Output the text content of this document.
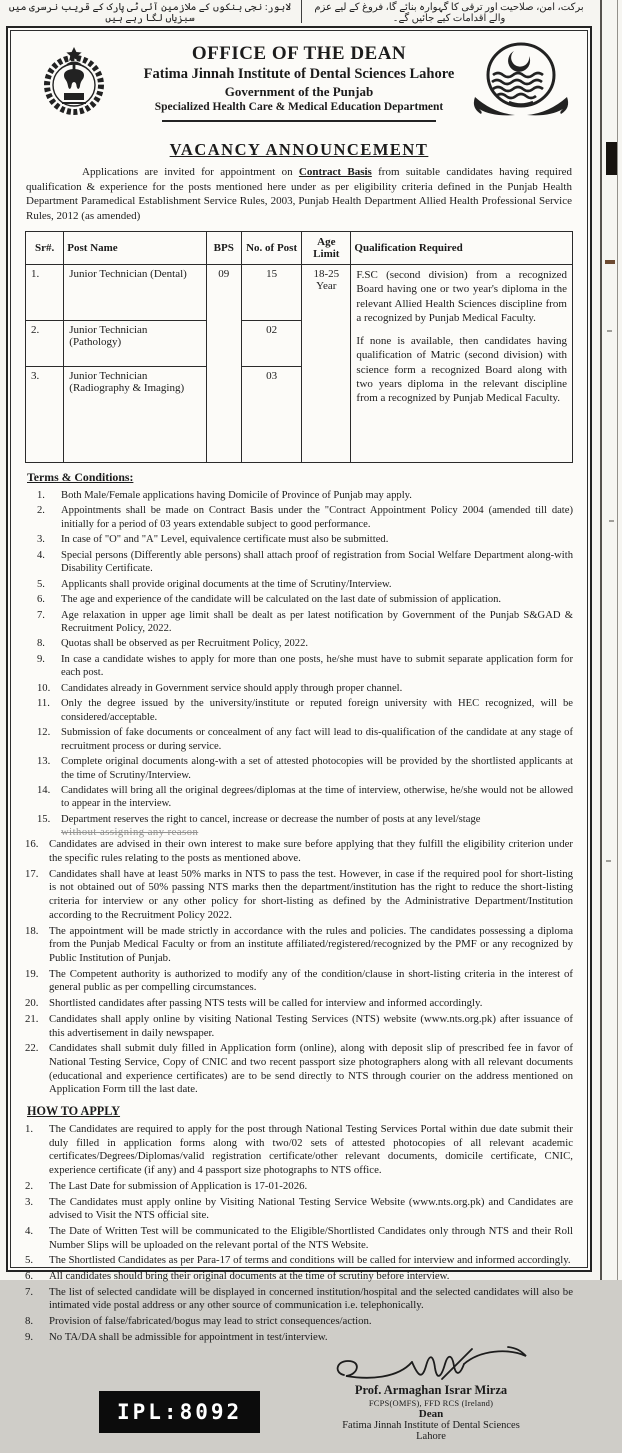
لاہور: نجی بنکوں کے ملازمین آئی ٹی پارک کے قریب نرسری میں سبزیاں لگا رہے ہیں
برکت، امن، صلاحیت اور ترقی کا گہوارہ بنائے گا، فروغ کے لیے عزم والے اقدامات کیے جائیں گے۔
OFFICE OF THE DEAN
Fatima Jinnah Institute of Dental Sciences Lahore
Government of the Punjab
Specialized Health Care & Medical Education Department
VACANCY ANNOUNCEMENT

Applications are invited for appointment on Contract Basis from suitable candidates having required qualification & experience for the posts mentioned here under as per eligibility criteria defined in the Punjab Health Department Paramedical Establishment Service Rules, 2003, Punjab Health Department Allied Health Professional Service Rules, 2012 (as amended)

Sr#.	Post Name	BPS	No. of Post	Age Limit	Qualification Required
1.	Junior Technician (Dental)	09	15	18-25 Year	F.SC (second division) from a recognized Board having one or two year's diploma in the relevant Allied Health Sciences discipline from a recognized by Punjab Medical Faculty.
If none is available, then candidates having qualification of Matric (second division) with science form a recognized Board along with two years diploma in the relevant discipline from a recognized by Punjab Medical Faculty.

2.	Junior Technician (Pathology)		02		
3.	Junior Technician (Radiography & Imaging)		03		
Terms & Conditions:
1.	Both Male/Female applications having Domicile of Province of Punjab may apply.
2.	Appointments shall be made on Contract Basis under the "Contract Appointment Policy 2004 (amended till date) initially for a period of 03 years extendable subject to good performance.
3.	In case of "O" and "A" Level, equivalence certificate must also be submitted.
4.	Special persons (Differently able persons) shall attach proof of registration from Social Welfare Department along-with Disability Certificate.
5.	Applicants shall provide original documents at the time of Scrutiny/Interview.
6.	The age and experience of the candidate will be calculated on the last date of submission of application.
7.	Age relaxation in upper age limit shall be dealt as per latest notification by Government of the Punjab S&GAD & Recruitment Policy, 2022.
8.	Quotas shall be observed as per Recruitment Policy, 2022.
9.	In case a candidate wishes to apply for more than one posts, he/she must have to submit separate application form for each post.
10.	Candidates already in Government service should apply through proper channel.
11.	Only the degree issued by the university/institute or reputed foreign university with HEC recognized, will be considered/acceptable.
12.	Submission of fake documents or concealment of any fact will lead to dis-qualification of the candidate at any stage of recruitment process or during service.
13.	Complete original documents along-with a set of attested photocopies will be provided by the shortlisted applicants at the time of Scrutiny/Interview.
14.	Candidates will bring all the original degrees/diplomas at the time of interview, otherwise, he/she would not be allowed to appear in the interview.
15.	Department reserves the right to cancel, increase or decrease the number of posts at any level/stage
without assigning any reason
16. Candidates are advised in their own interest to make sure before applying that they fulfill the eligibility criterion under the specific rules relating to the posts as mentioned above.
17. Candidates shall have at least 50% marks in NTS to pass the test. However, in case if the required pool for short-listing is not obtained out of 50% passing NTS marks then the department/institution has the right to reduce the short-listing criteria for interview or any other policy for short-listing as defined by the Administrative Department/Institution according to the Recruitment Policy 2022.
18. The appointment will be made strictly in accordance with the rules and policies. The candidates possessing a diploma from the Punjab Medical Faculty or from an institute affiliated/registered/recognized by the PMF or any recognized by Public Institution of Punjab.
19. The Competent authority is authorized to modify any of the condition/clause in short-listing criteria in the interest of general public as per compelling circumstances.
20. Shortlisted candidates after passing NTS tests will be called for interview and informed accordingly.
21. Candidates shall apply online by visiting National Testing Services (NTS) website (www.nts.org.pk) after issuance of this advertisement in daily newspaper.
22. Candidates shall submit duly filled in Application form (online), along with deposit slip of prescribed fee in favor of National Testing Service, Copy of CNIC and two recent passport size photographers along with all relevant documents (educational and experience certificates) are to be send directly to NTS through courier on the address mentioned on Application Form till the last date.
HOW TO APPLY
1.	The Candidates are required to apply for the post through National Testing Services Portal within due date submit their duly filled in application forms along with two/02 sets of attested photocopies of all relevant academic certificates/Degrees/Diplomas/valid registration certificate/other relevant documents, domicile certificate, CNIC, experience certificate (if any) and 4 passport size photographs to NTS office.
2.	The Last Date for submission of Application is 17-01-2026.
3.	The Candidates must apply online by Visiting National Testing Service Website (www.nts.org.pk) and Candidates are advised to Visit the NTS official site.
4.	The Date of Written Test will be communicated to the Eligible/Shortlisted Candidates only through NTS and their Roll Number Slips will be uploaded on the relevant portal of the NTS Website.
5.	The Shortlisted Candidates as per Para-17 of terms and conditions will be called for interview and informed accordingly.
6.	All candidates should bring their original documents at the time of scrutiny before interview.
7.	The list of selected candidate will be displayed in concerned institution/hospital and the selected candidates will also be intimated vide postal address or any other source of communication i.e. telephonically.
8.	Provision of false/fabricated/bogus may lead to strict consequences/action.
9.	No TA/DA shall be admissible for appointment in test/interview.
IPL:8092
Prof. Armaghan Israr Mirza
FCPS(OMFS), FFD RCS (Ireland)
Dean
Fatima Jinnah Institute of Dental Sciences
Lahore
